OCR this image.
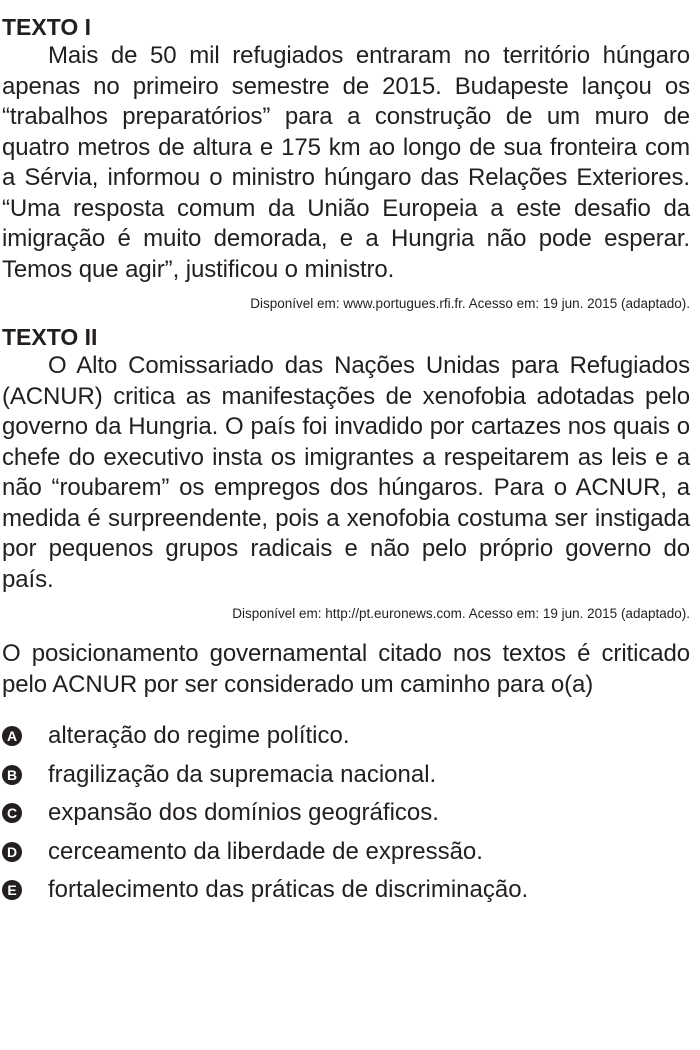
TEXTO I

Mais de 50 mil refugiados entraram no território húngaro apenas no primeiro semestre de 2015. Budapeste lançou os “trabalhos preparatórios” para a construção de um muro de quatro metros de altura e 175 km ao longo de sua fronteira com a Sérvia, informou o ministro húngaro das Relações Exteriores. “Uma resposta comum da União Europeia a este desafio da imigração é muito demorada, e a Hungria não pode esperar. Temos que agir”, justificou o ministro.

Disponível em: www.portugues.rfi.fr. Acesso em: 19 jun. 2015 (adaptado).

TEXTO II

O Alto Comissariado das Nações Unidas para Refugiados (ACNUR) critica as manifestações de xenofobia adotadas pelo governo da Hungria. O país foi invadido por cartazes nos quais o chefe do executivo insta os imigrantes a respeitarem as leis e a não “roubarem” os empregos dos húngaros. Para o ACNUR, a medida é surpreendente, pois a xenofobia costuma ser instigada por pequenos grupos radicais e não pelo próprio governo do país.

Disponível em: http://pt.euronews.com. Acesso em: 19 jun. 2015 (adaptado).

O posicionamento governamental citado nos textos é criticado pelo ACNUR por ser considerado um caminho para o(a)

A alteração do regime político.
B fragilização da supremacia nacional.
C expansão dos domínios geográficos.
D cerceamento da liberdade de expressão.
E fortalecimento das práticas de discriminação.
